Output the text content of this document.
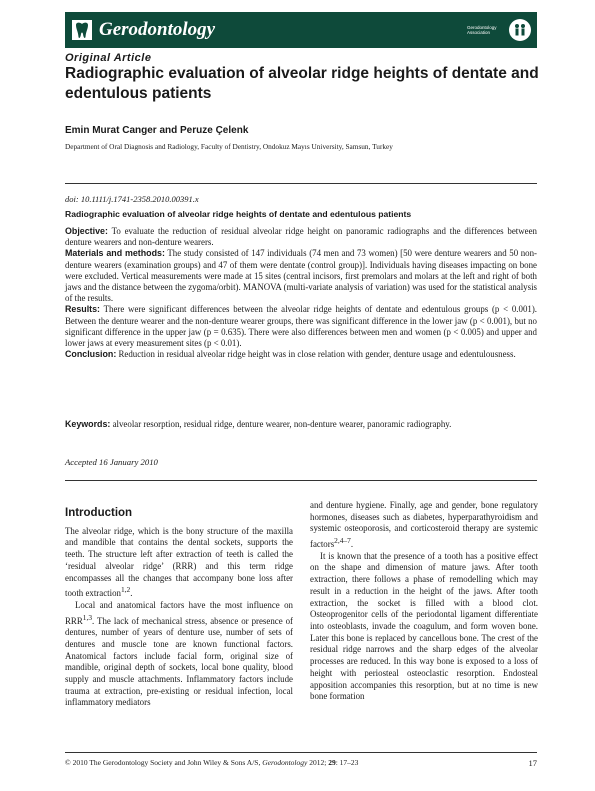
Gerodontology	Gerodontology Association
Original Article
Radiographic evaluation of alveolar ridge heights of dentate and edentulous patients
Emin Murat Canger and Peruze Çelenk
Department of Oral Diagnosis and Radiology, Faculty of Dentistry, Ondokuz Mayıs University, Samsun, Turkey
doi: 10.1111/j.1741-2358.2010.00391.x
Radiographic evaluation of alveolar ridge heights of dentate and edentulous patients

Objective: To evaluate the reduction of residual alveolar ridge height on panoramic radiographs and the differences between denture wearers and non-denture wearers.

Materials and methods: The study consisted of 147 individuals (74 men and 73 women) [50 were denture wearers and 50 non-denture wearers (examination groups) and 47 of them were dentate (control group)]. Individuals having diseases impacting on bone were excluded. Vertical measurements were made at 15 sites (central incisors, first premolars and molars at the left and right of both jaws and the distance between the zygoma/orbit). MANOVA (multi-variate analysis of variation) was used for the statistical analysis of the results.

Results: There were significant differences between the alveolar ridge heights of dentate and edentulous groups (p < 0.001). Between the denture wearer and the non-denture wearer groups, there was significant difference in the lower jaw (p < 0.001), but no significant difference in the upper jaw (p = 0.635). There were also differences between men and women (p < 0.005) and upper and lower jaws at every measurement sites (p < 0.01).

Conclusion: Reduction in residual alveolar ridge height was in close relation with gender, denture usage and edentulousness.

Keywords: alveolar resorption, residual ridge, denture wearer, non-denture wearer, panoramic radiography.
Accepted 16 January 2010
Introduction

The alveolar ridge, which is the bony structure of the maxilla and mandible that contains the dental sockets, supports the teeth. The structure left after extraction of teeth is called the ‘residual alveolar ridge’ (RRR) and this term ridge encompasses all the changes that accompany bone loss after tooth extraction$^{1,2}$.

Local and anatomical factors have the most influence on RRR$^{1,3}$. The lack of mechanical stress, absence or presence of dentures, number of years of denture use, number of sets of dentures and muscle tone are known functional factors. Anatomical factors include facial form, original size of mandible, original depth of sockets, local bone quality, blood supply and muscle attachments. Inflammatory factors include trauma at extraction, pre-existing or residual infection, local inflammatory mediators

and denture hygiene. Finally, age and gender, bone regulatory hormones, diseases such as diabetes, hyperparathyroidism and systemic osteoporosis, and corticosteroid therapy are systemic factors$^{2,4-7}$.

It is known that the presence of a tooth has a positive effect on the shape and dimension of mature jaws. After tooth extraction, there follows a phase of remodelling which may result in a reduction in the height of the jaws. After tooth extraction, the socket is filled with a blood clot. Osteoprogenitor cells of the periodontal ligament differentiate into osteoblasts, invade the coagulum, and form woven bone. Later this bone is replaced by cancellous bone. The crest of the residual ridge narrows and the sharp edges of the alveolar processes are reduced. In this way bone is exposed to a loss of height with periosteal osteoclastic resorption. Endosteal apposition accompanies this resorption, but at no time is new bone formation

© 2010 The Gerodontology Society and John Wiley & Sons A/S, Gerodontology 2012; 29: 17–23	17
